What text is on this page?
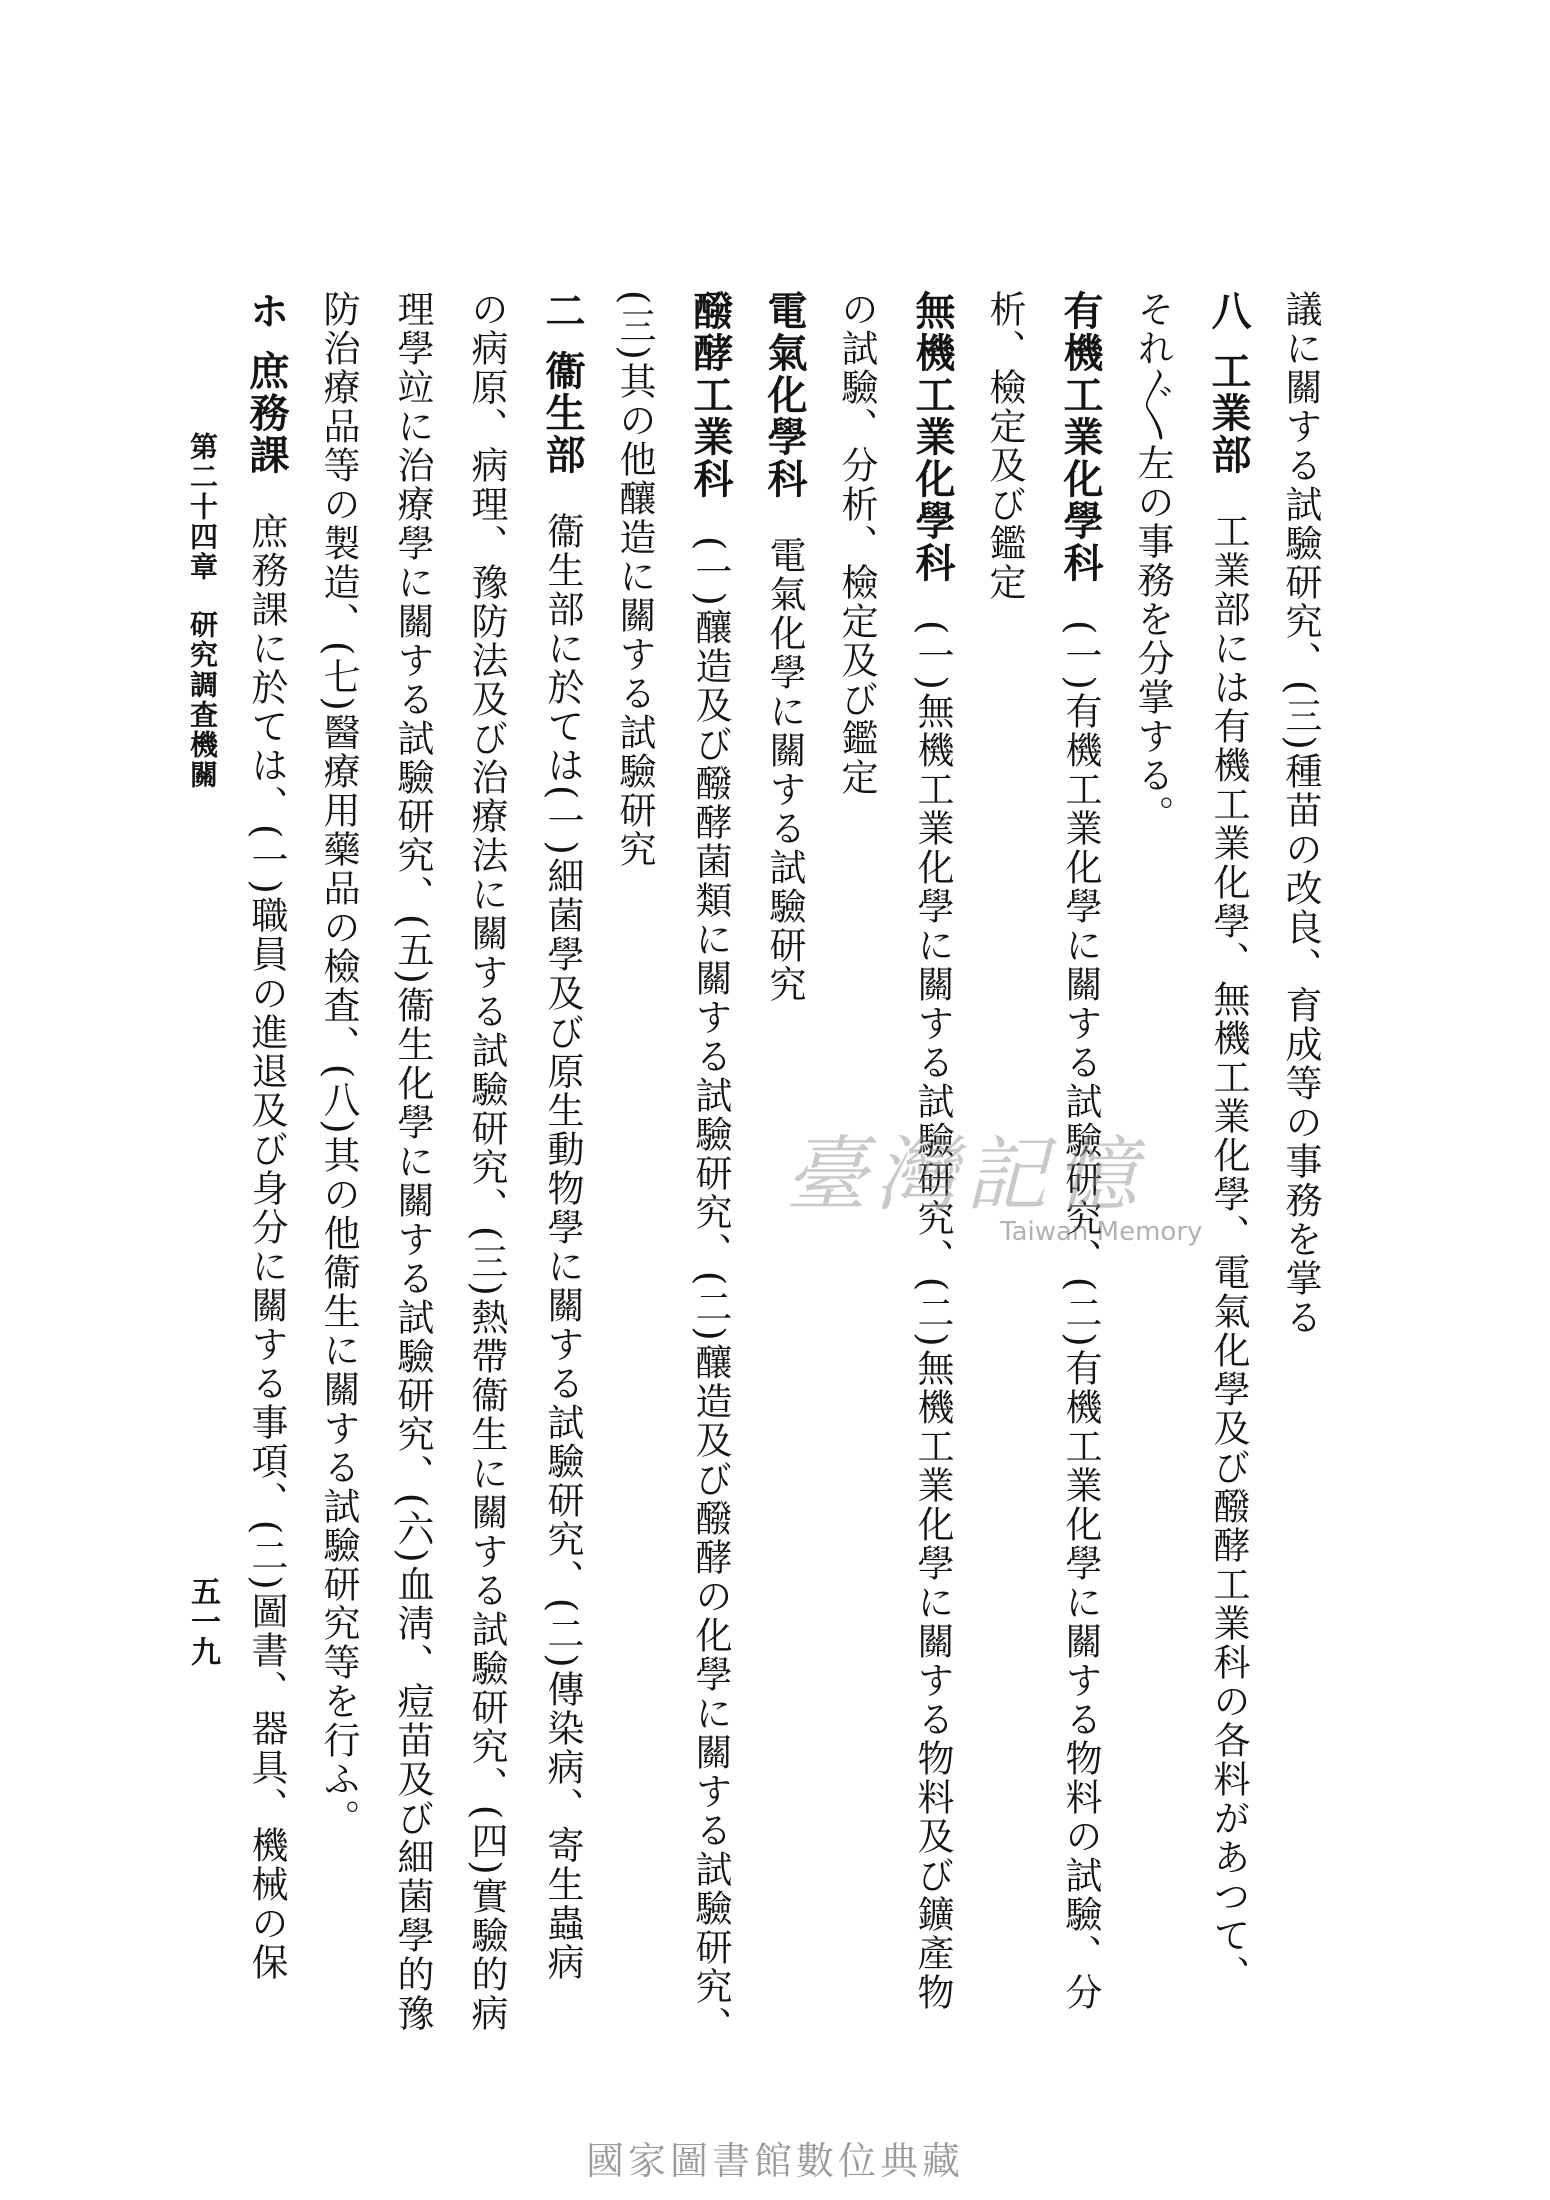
議に關する試驗研究、(三)種苗の改良、育成等の事務を掌る
八工業部工業部には有機工業化學、無機工業化學、電氣化學及び醱酵工業科の各料があつて、
それ〴〵左の事務を分掌する。
有機工業化學科(一)有機工業化學に關する試驗研究、(二)有機工業化學に關する物料の試驗、分
析、檢定及び鑑定
無機工業化學科(一)無機工業化學に關する試驗研究、(二)無機工業化學に關する物料及び鑛產物
の試驗、分析、檢定及び鑑定
電氣化學科電氣化學に關する試驗研究
醱酵工業科(一)釀造及び醱酵菌類に關する試驗研究、(二)釀造及び醱酵の化學に關する試驗研究、
(三)其の他釀造に關する試驗研究
二衞生部衞生部に於ては(一)細菌學及び原生動物學に關する試驗研究、(二)傳染病、寄生蟲病
の病原、病理、豫防法及び治療法に關する試驗研究、(三)熱帶衞生に關する試驗研究、(四)實驗的病
理學竝に治療學に關する試驗研究、(五)衞生化學に關する試驗研究、(六)血淸、痘苗及び細菌學的豫
防治療品等の製造、(七)醫療用藥品の檢査、(八)其の他衞生に關する試驗研究等を行ふ。
ホ庶務課庶務課に於ては、(一)職員の進退及び身分に關する事項、(二)圖書、器具、機械の保
第二十四章研究調査機關
五一九
臺灣記憶
Taiwan Memory
國家圖書館數位典藏
